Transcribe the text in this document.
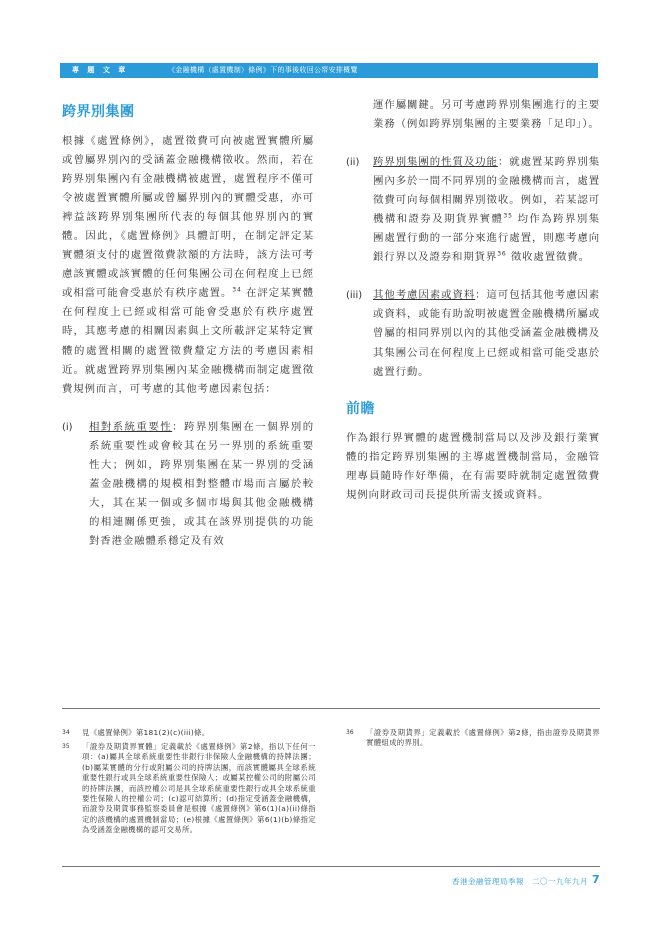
專 題 文 章	《金融機構（處置機制）條例》下的事後收回公帑安排概覽
跨界別集團

根據《處置條例》，處置徵費可向被處置實體所屬或曾屬界別內的受涵蓋金融機構徵收。然而，若在跨界別集團內有金融機構被處置，處置程序不僅可令被處置實體所屬或曾屬界別內的實體受惠，亦可裨益該跨界別集團所代表的每個其他界別內的實體。因此，《處置條例》具體訂明，在制定評定某實體須支付的處置徵費款額的方法時，該方法可考慮該實體或該實體的任何集團公司在何程度上已經或相當可能會受惠於有秩序處置。$^{34}$ 在評定某實體在何程度上已經或相當可能會受惠於有秩序處置時，其應考慮的相關因素與上文所載評定某特定實體的處置相關的處置徵費釐定方法的考慮因素相近。就處置跨界別集團內某金融機構而制定處置徵費規例而言，可考慮的其他考慮因素包括：

(i)	相對系統重要性：跨界別集團在一個界別的系統重要性或會較其在另一界別的系統重要性大；例如，跨界別集團在某一界別的受涵蓋金融機構的規模相對整體市場而言屬於較大，其在某一個或多個市場與其他金融機構的相連關係更強，或其在該界別提供的功能對香港金融體系穩定及有效

運作屬關鍵。另可考慮跨界別集團進行的主要業務（例如跨界別集團的主要業務「足印」）。

(ii)	跨界別集團的性質及功能：就處置某跨界別集團內多於一間不同界別的金融機構而言，處置徵費可向每個相關界別徵收。例如，若某認可機構和證券及期貨界實體$^{35}$ 均作為跨界別集團處置行動的一部分來進行處置，則應考慮向銀行界以及證券和期貨界$^{36}$ 徵收處置徵費。

(iii)	其他考慮因素或資料：這可包括其他考慮因素或資料，或能有助說明被處置金融機構所屬或曾屬的相同界別以內的其他受涵蓋金融機構及其集團公司在何程度上已經或相當可能受惠於處置行動。

前瞻

作為銀行界實體的處置機制當局以及涉及銀行業實體的指定跨界別集團的主導處置機制當局，金融管理專員隨時作好準備，在有需要時就制定處置徵費規例向財政司司長提供所需支援或資料。

34	見《處置條例》第181(2)(c)(iii)條。

35	「證券及期貨界實體」定義載於《處置條例》第2條，指以下任何一項：(a)屬具全球系統重要性非銀行非保險人金融機構的持牌法團；(b)屬某實體的分行或附屬公司的持牌法團，而該實體屬具全球系統重要性銀行或具全球系統重要性保險人；或屬某控權公司的附屬公司的持牌法團，而該控權公司是具全球系統重要性銀行或具全球系統重要性保險人的控權公司；(c)認可結算所；(d)指定受涵蓋金融機構，而證券及期貨事務監察委員會是根據《處置條例》第6(1)(a)(ii)條指定的該機構的處置機制當局；(e)根據《處置條例》第6(1)(b)條指定為受涵蓋金融機構的認可交易所。

36	「證券及期貨界」定義載於《處置條例》第2條，指由證券及期貨界實體組成的界別。

香港金融管理局季報　二〇一九年九月 7
